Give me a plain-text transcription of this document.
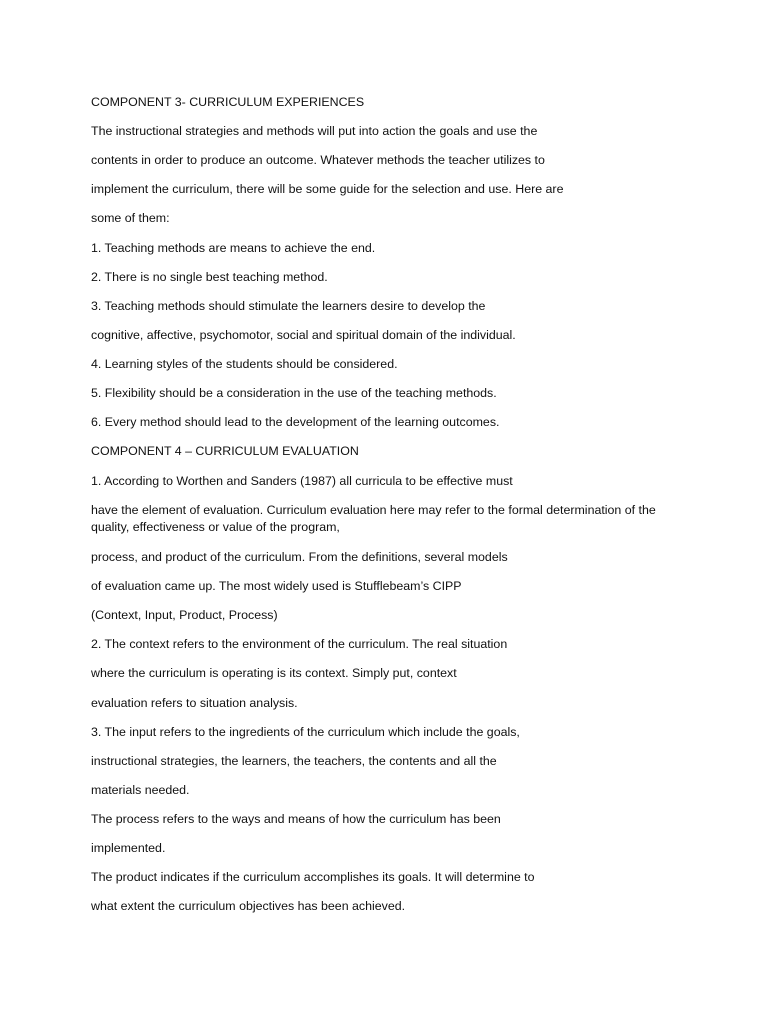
COMPONENT 3- CURRICULUM EXPERIENCES
The instructional strategies and methods will put into action the goals and use the
contents in order to produce an outcome. Whatever methods the teacher utilizes to
implement the curriculum, there will be some guide for the selection and use. Here are
some of them:
1. Teaching methods are means to achieve the end.
2. There is no single best teaching method.
3. Teaching methods should stimulate the learners desire to develop the
cognitive, affective, psychomotor, social and spiritual domain of the individual.
4. Learning styles of the students should be considered.
5. Flexibility should be a consideration in the use of the teaching methods.
6. Every method should lead to the development of the learning outcomes.
COMPONENT 4 – CURRICULUM EVALUATION
1. According to Worthen and Sanders (1987) all curricula to be effective must
have the element of evaluation. Curriculum evaluation here may refer to the formal determination of the quality, effectiveness or value of the program,
process, and product of the curriculum. From the definitions, several models
of evaluation came up. The most widely used is Stufflebeam’s CIPP
(Context, Input, Product, Process)
2. The context refers to the environment of the curriculum. The real situation
where the curriculum is operating is its context. Simply put, context
evaluation refers to situation analysis.
3. The input refers to the ingredients of the curriculum which include the goals,
instructional strategies, the learners, the teachers, the contents and all the
materials needed.
The process refers to the ways and means of how the curriculum has been
implemented.
The product indicates if the curriculum accomplishes its goals. It will determine to
what extent the curriculum objectives has been achieved.
